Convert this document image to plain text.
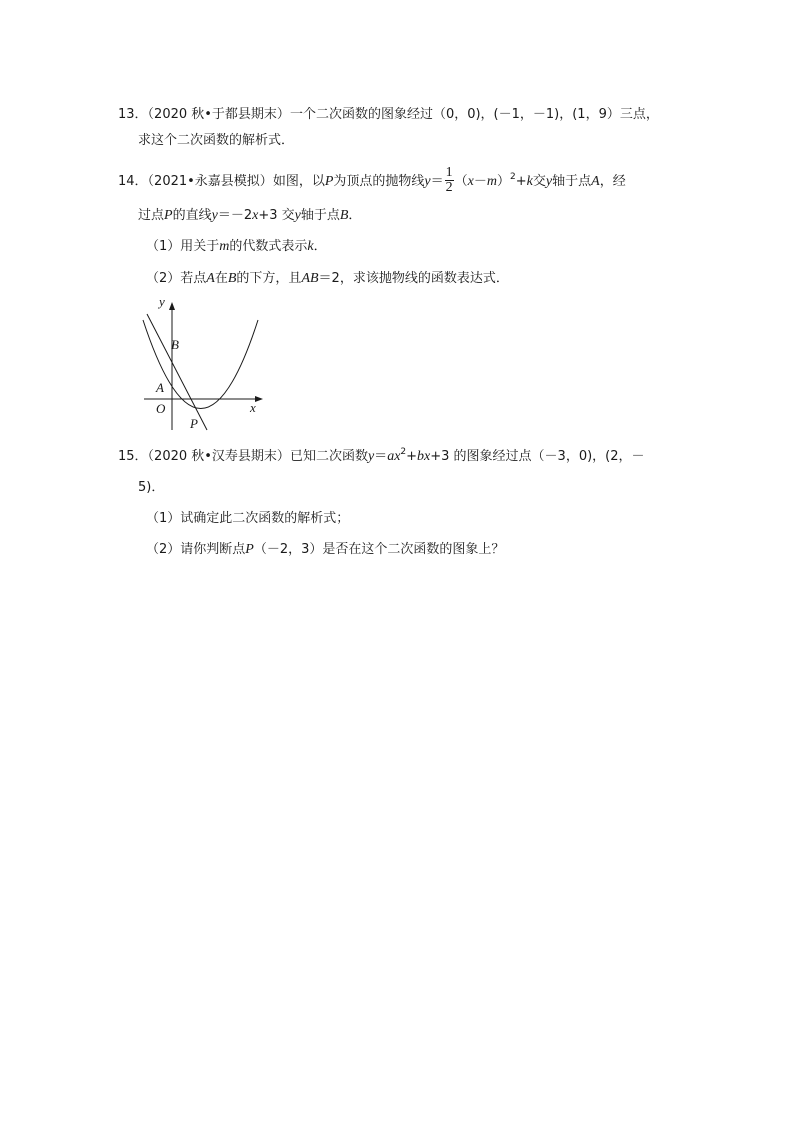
13．（2020 秋•于都县期末）一个二次函数的图象经过（0，0)，(－1，－1)，(1，9）三点，
求这个二次函数的解析式．
14．（2021•永嘉县模拟）如图，以P为顶点的抛物线$y= \frac{1}{2} (x-m)^2+k$交y轴于点A，经
过点P的直线y＝－2x+3 交y轴于点B．
（1）用关于m的代数式表示k．
（2）若点A在B的下方，且AB＝2，求该抛物线的函数表达式．
y
x
B
A
O
P
15．（2020 秋•汉寿县期末）已知二次函数$y=ax^2+bx+3$ 的图象经过点（－3，0)，(2，－
5)．
（1）试确定此二次函数的解析式；
（2）请你判断点P（－2，3）是否在这个二次函数的图象上？
